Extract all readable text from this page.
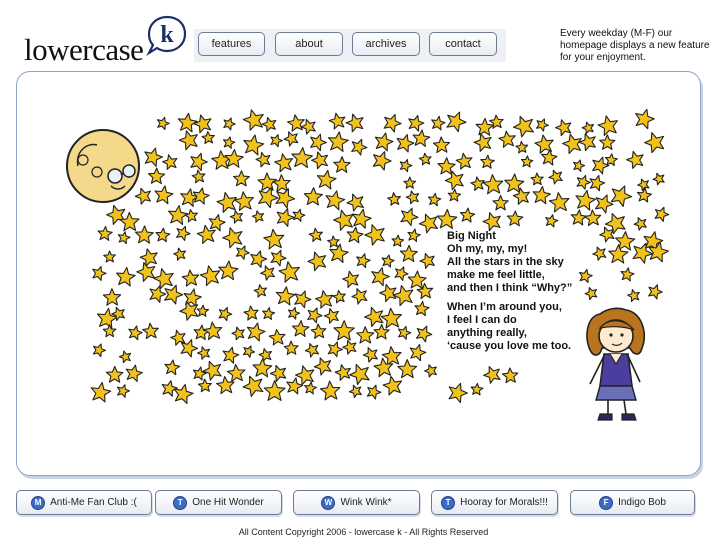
lowercase k	features	about	archives	contact
Every weekday (M-F) our homepage displays a new feature for your enjoyment.
Big Night
Oh my, my, my!
All the stars in the sky
make me feel little,
and then I think “Why?”
When I’m around you,
I feel I can do
anything really,
‘cause you love me too.
M Anti-Me Fan Club :(	T One Hit Wonder	W Wink Wink*	T Hooray for Morals!!!	F Indigo Bob
All Content Copyright 2006 - lowercase k - All Rights Reserved
